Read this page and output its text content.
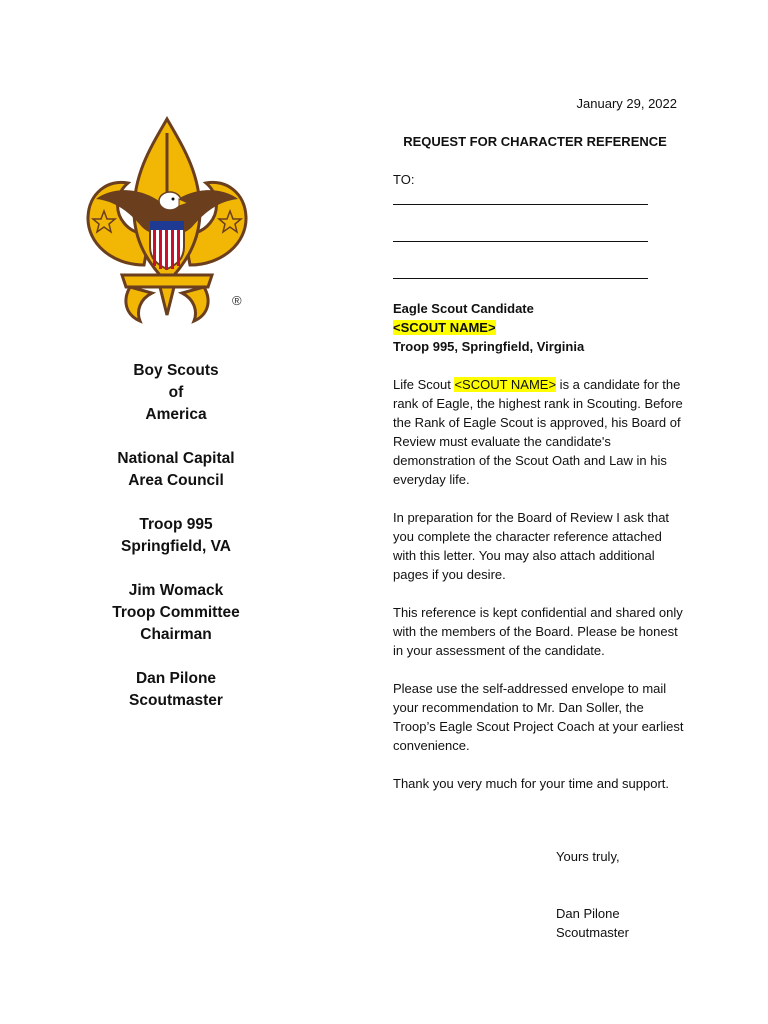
®
Boy Scouts
of
America
National Capital
Area Council
Troop 995
Springfield, VA
Jim Womack
Troop Committee
Chairman
Dan Pilone
Scoutmaster
January 29, 2022
REQUEST FOR CHARACTER REFERENCE
TO:
Eagle Scout Candidate
<SCOUT NAME>
Troop 995, Springfield, Virginia

Life Scout <SCOUT NAME> is a candidate for the rank of Eagle, the highest rank in Scouting. Before the Rank of Eagle Scout is approved, his Board of Review must evaluate the candidate's demonstration of the Scout Oath and Law in his everyday life.

In preparation for the Board of Review I ask that you complete the character reference attached with this letter. You may also attach additional pages if you desire.

This reference is kept confidential and shared only with the members of the Board. Please be honest in your assessment of the candidate.

Please use the self-addressed envelope to mail your recommendation to Mr. Dan Soller, the Troop’s Eagle Scout Project Coach at your earliest convenience.

Thank you very much for your time and support.

Yours truly,
Dan Pilone
Scoutmaster
